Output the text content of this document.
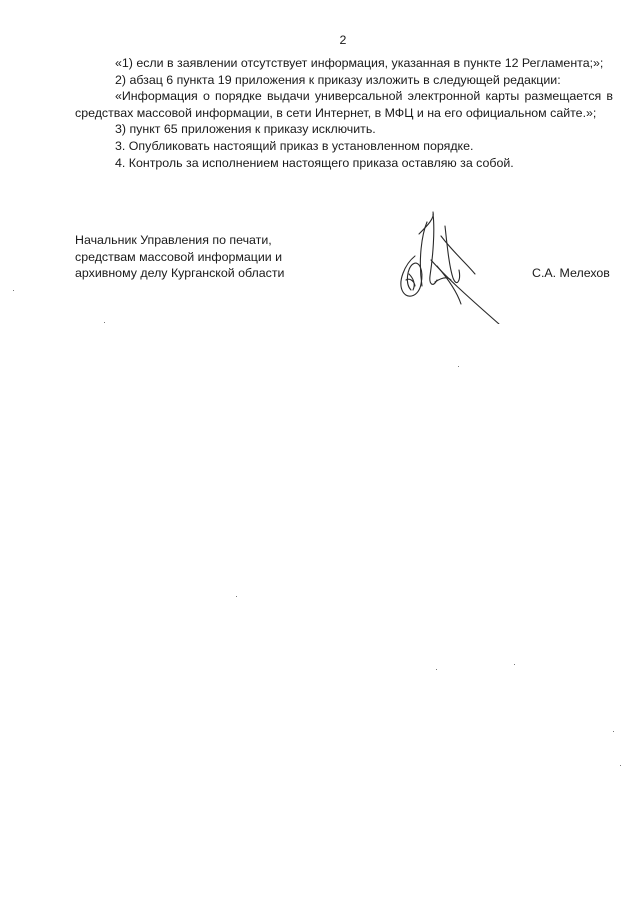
2

«1) если в заявлении отсутствует информация, указанная в пункте 12 Регламента;»;

2) абзац 6 пункта 19 приложения к приказу изложить в следующей редакции:

«Информация о порядке выдачи универсальной электронной карты размещается в средствах массовой информации, в сети Интернет, в МФЦ и на его официальном сайте.»;

3) пункт 65 приложения к приказу исключить.

3. Опубликовать настоящий приказ в установленном порядке.

4. Контроль за исполнением настоящего приказа оставляю за собой.

Начальник Управления по печати,
средствам массовой информации и
архивному делу Курганской области	С.А. Мелехов
